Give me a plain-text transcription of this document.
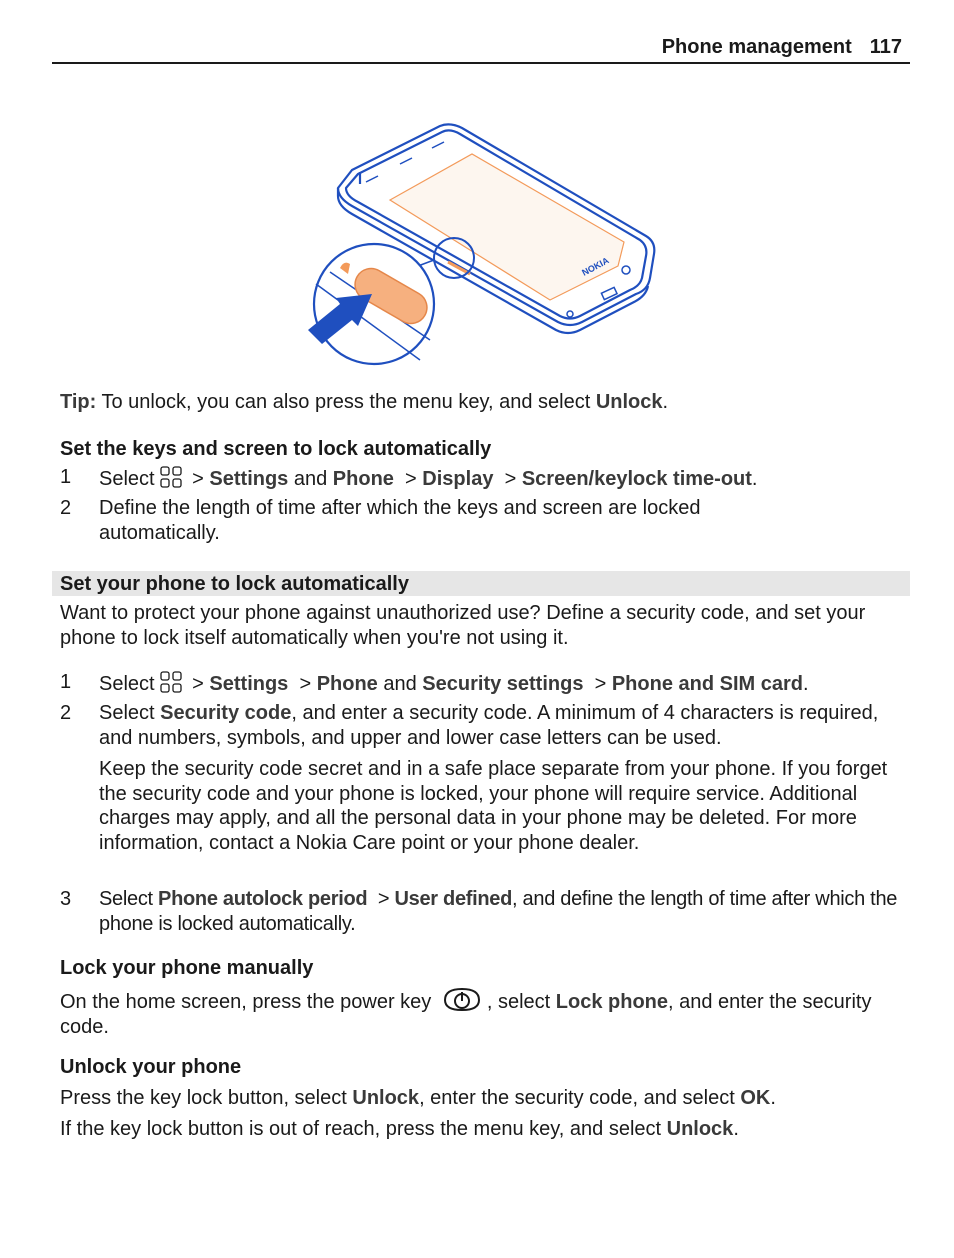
Phone management 117
NOKIA
Tip: To unlock, you can also press the menu key, and select Unlock.
Set the keys and screen to lock automatically
1	Select > Settings and Phone > Display > Screen/keylock time-out.
2	Define the length of time after which the keys and screen are locked automatically.
Set your phone to lock automatically
Want to protect your phone against unauthorized use? Define a security code, and set your phone to lock itself automatically when you're not using it.
1	Select > Settings > Phone and Security settings > Phone and SIM card.
2	Select Security code, and enter a security code. A minimum of 4 characters is required, and numbers, symbols, and upper and lower case letters can be used.
Keep the security code secret and in a safe place separate from your phone. If you forget the security code and your phone is locked, your phone will require service. Additional charges may apply, and all the personal data in your phone may be deleted. For more information, contact a Nokia Care point or your phone dealer.
3	Select Phone autolock period > User defined, and define the length of time after which the phone is locked automatically.
Lock your phone manually
On the home screen, press the power key	, select Lock phone, and enter the security code.
Unlock your phone
Press the key lock button, select Unlock, enter the security code, and select OK.
If the key lock button is out of reach, press the menu key, and select Unlock.
